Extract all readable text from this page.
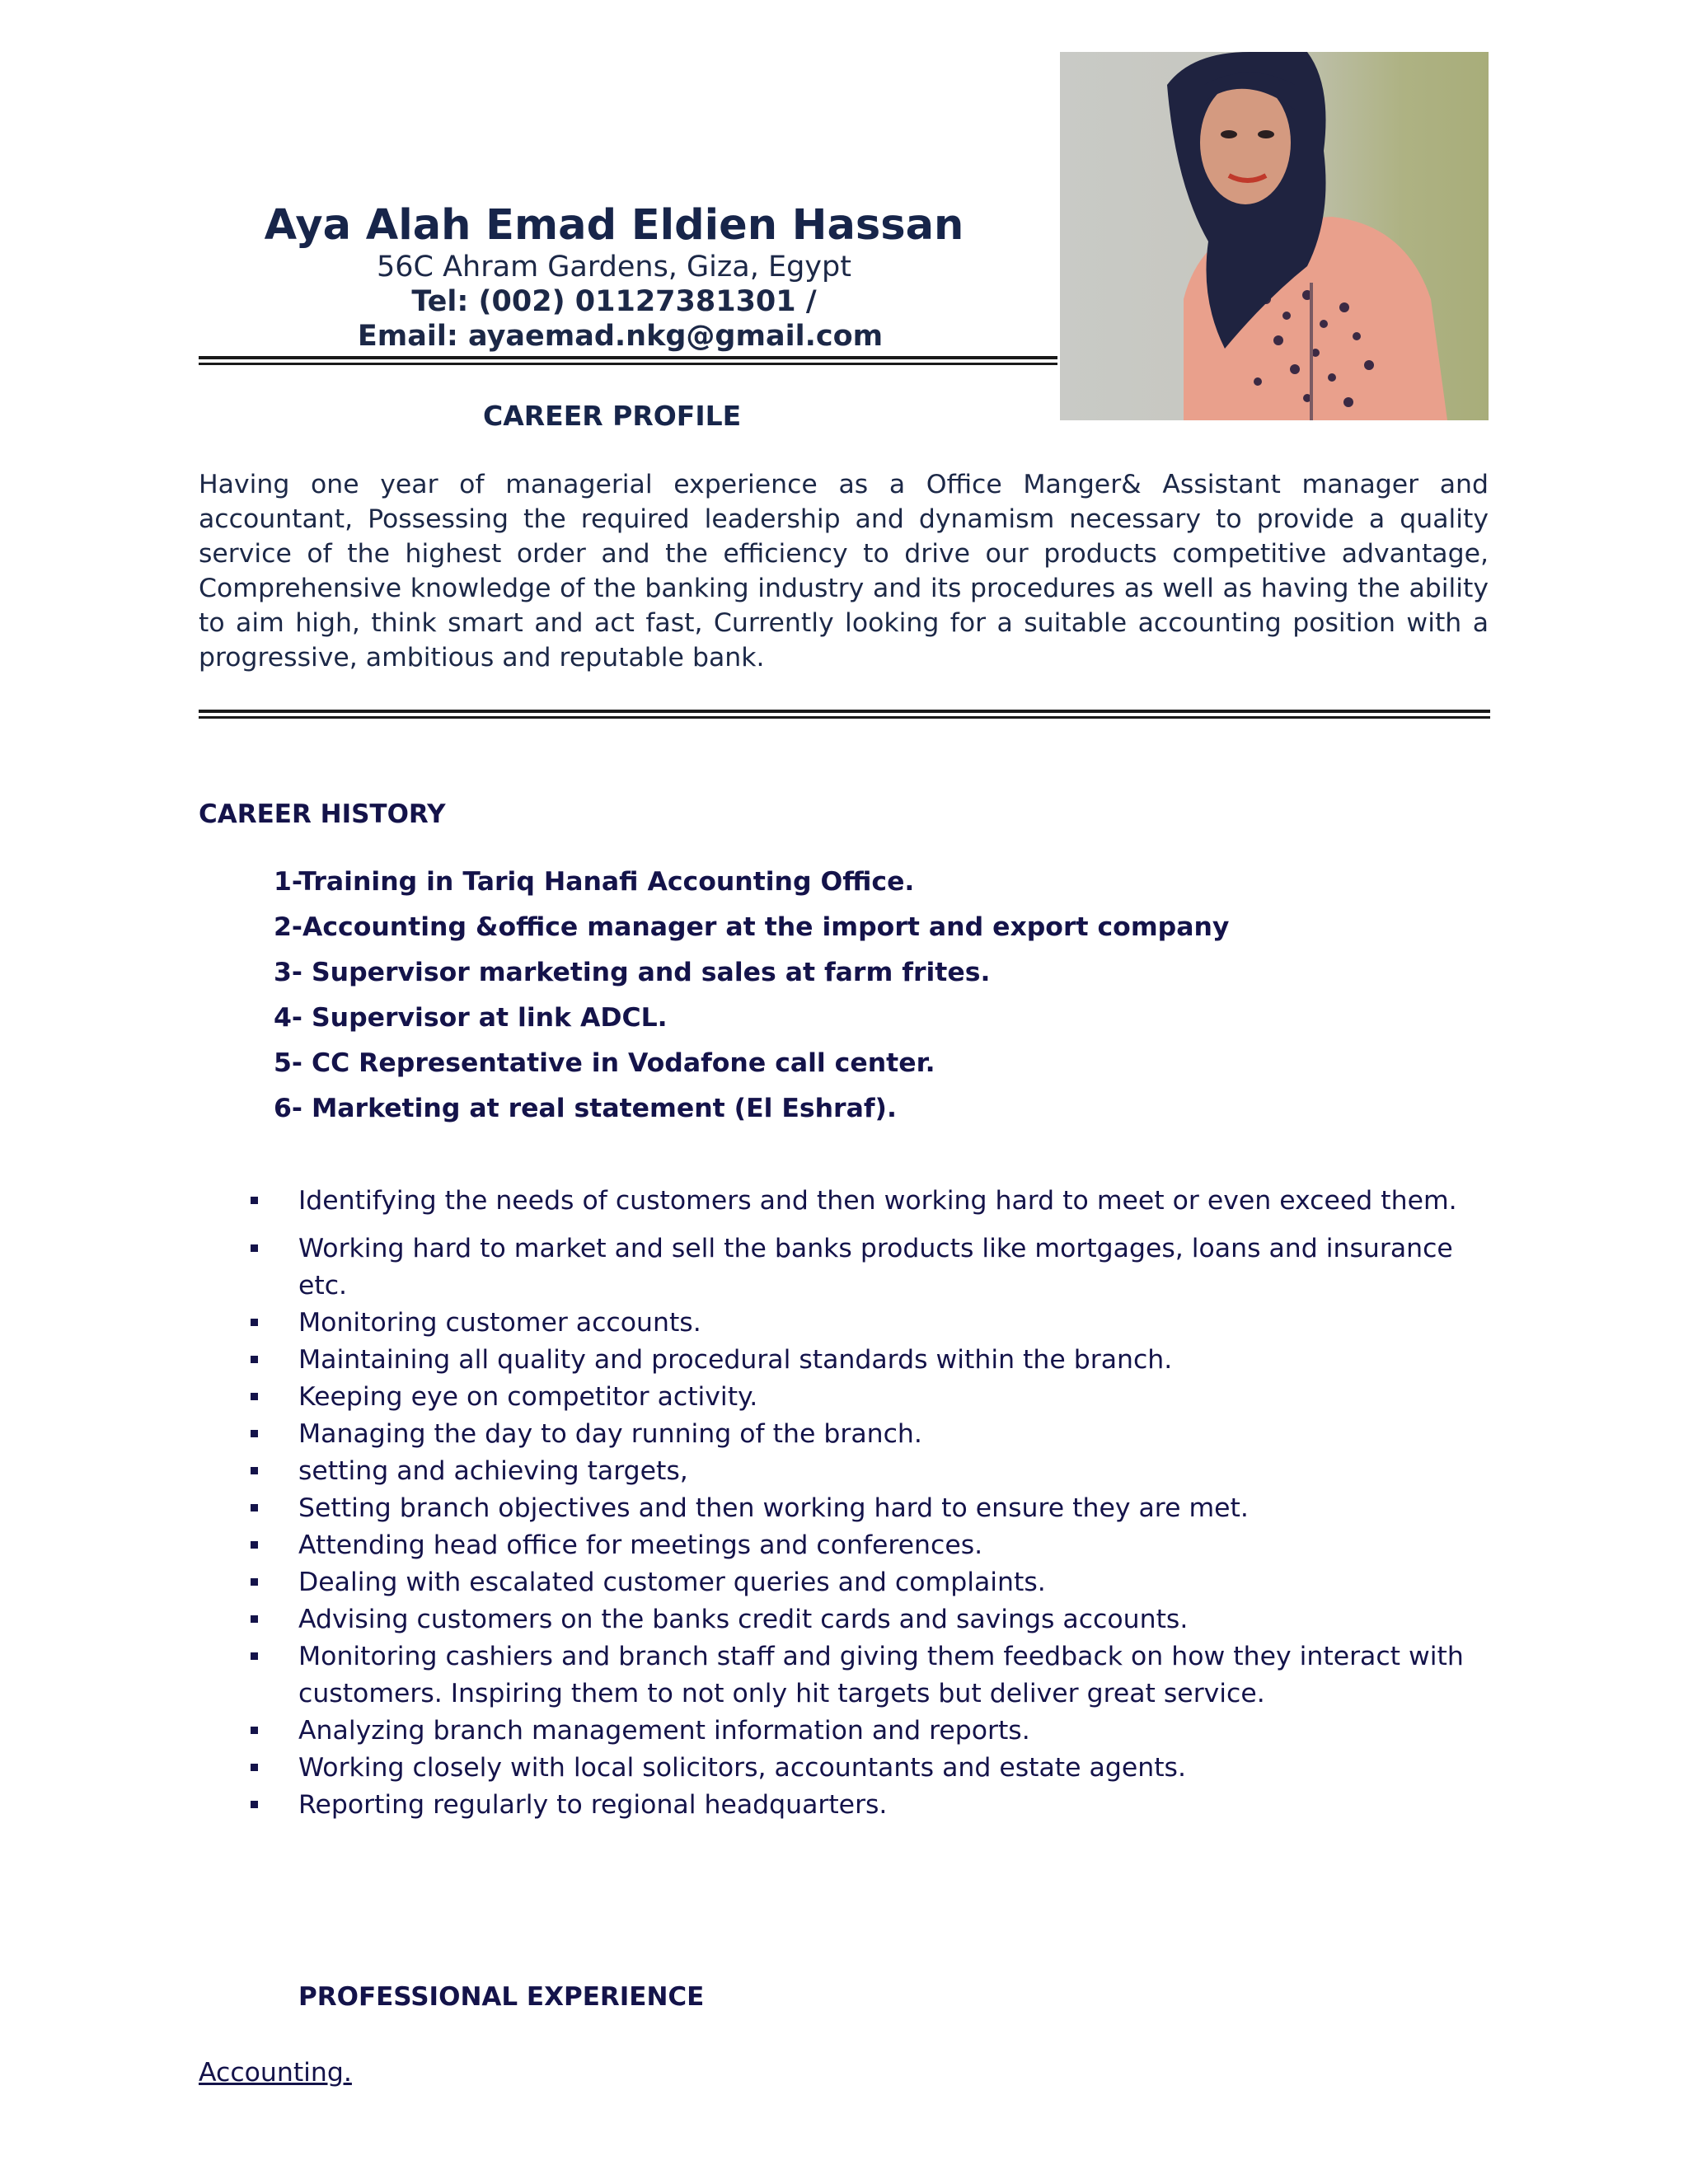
Aya Alah Emad Eldien Hassan
56C Ahram Gardens, Giza, Egypt
Tel: (002) 01127381301 /
Email: ayaemad.nkg@gmail.com
CAREER PROFILE
Having one year of managerial experience as a Office Manger& Assistant manager and accountant, Possessing the required leadership and dynamism necessary to provide a quality service of the highest order and the efficiency to drive our products competitive advantage, Comprehensive knowledge of the banking industry and its procedures as well as having the ability to aim high, think smart and act fast, Currently looking for a suitable accounting position with a progressive, ambitious and reputable bank.
CAREER HISTORY
1-Training in Tariq Hanafi Accounting Office.
2-Accounting &office manager at the import and export company
3- Supervisor marketing and sales at farm frites.
4- Supervisor at link ADCL.
5- CC Representative in Vodafone call center.
6- Marketing at real statement (El Eshraf).
Identifying the needs of customers and then working hard to meet or even exceed them.
Working hard to market and sell the banks products like mortgages, loans and insurance etc.
Monitoring customer accounts.
Maintaining all quality and procedural standards within the branch.
Keeping eye on competitor activity.
Managing the day to day running of the branch.
setting and achieving targets,
Setting branch objectives and then working hard to ensure they are met.
Attending head office for meetings and conferences.
Dealing with escalated customer queries and complaints.
Advising customers on the banks credit cards and savings accounts.
Monitoring cashiers and branch staff and giving them feedback on how they interact with customers. Inspiring them to not only hit targets but deliver great service.
Analyzing branch management information and reports.
Working closely with local solicitors, accountants and estate agents.
Reporting regularly to regional headquarters.
PROFESSIONAL EXPERIENCE
Accounting.
